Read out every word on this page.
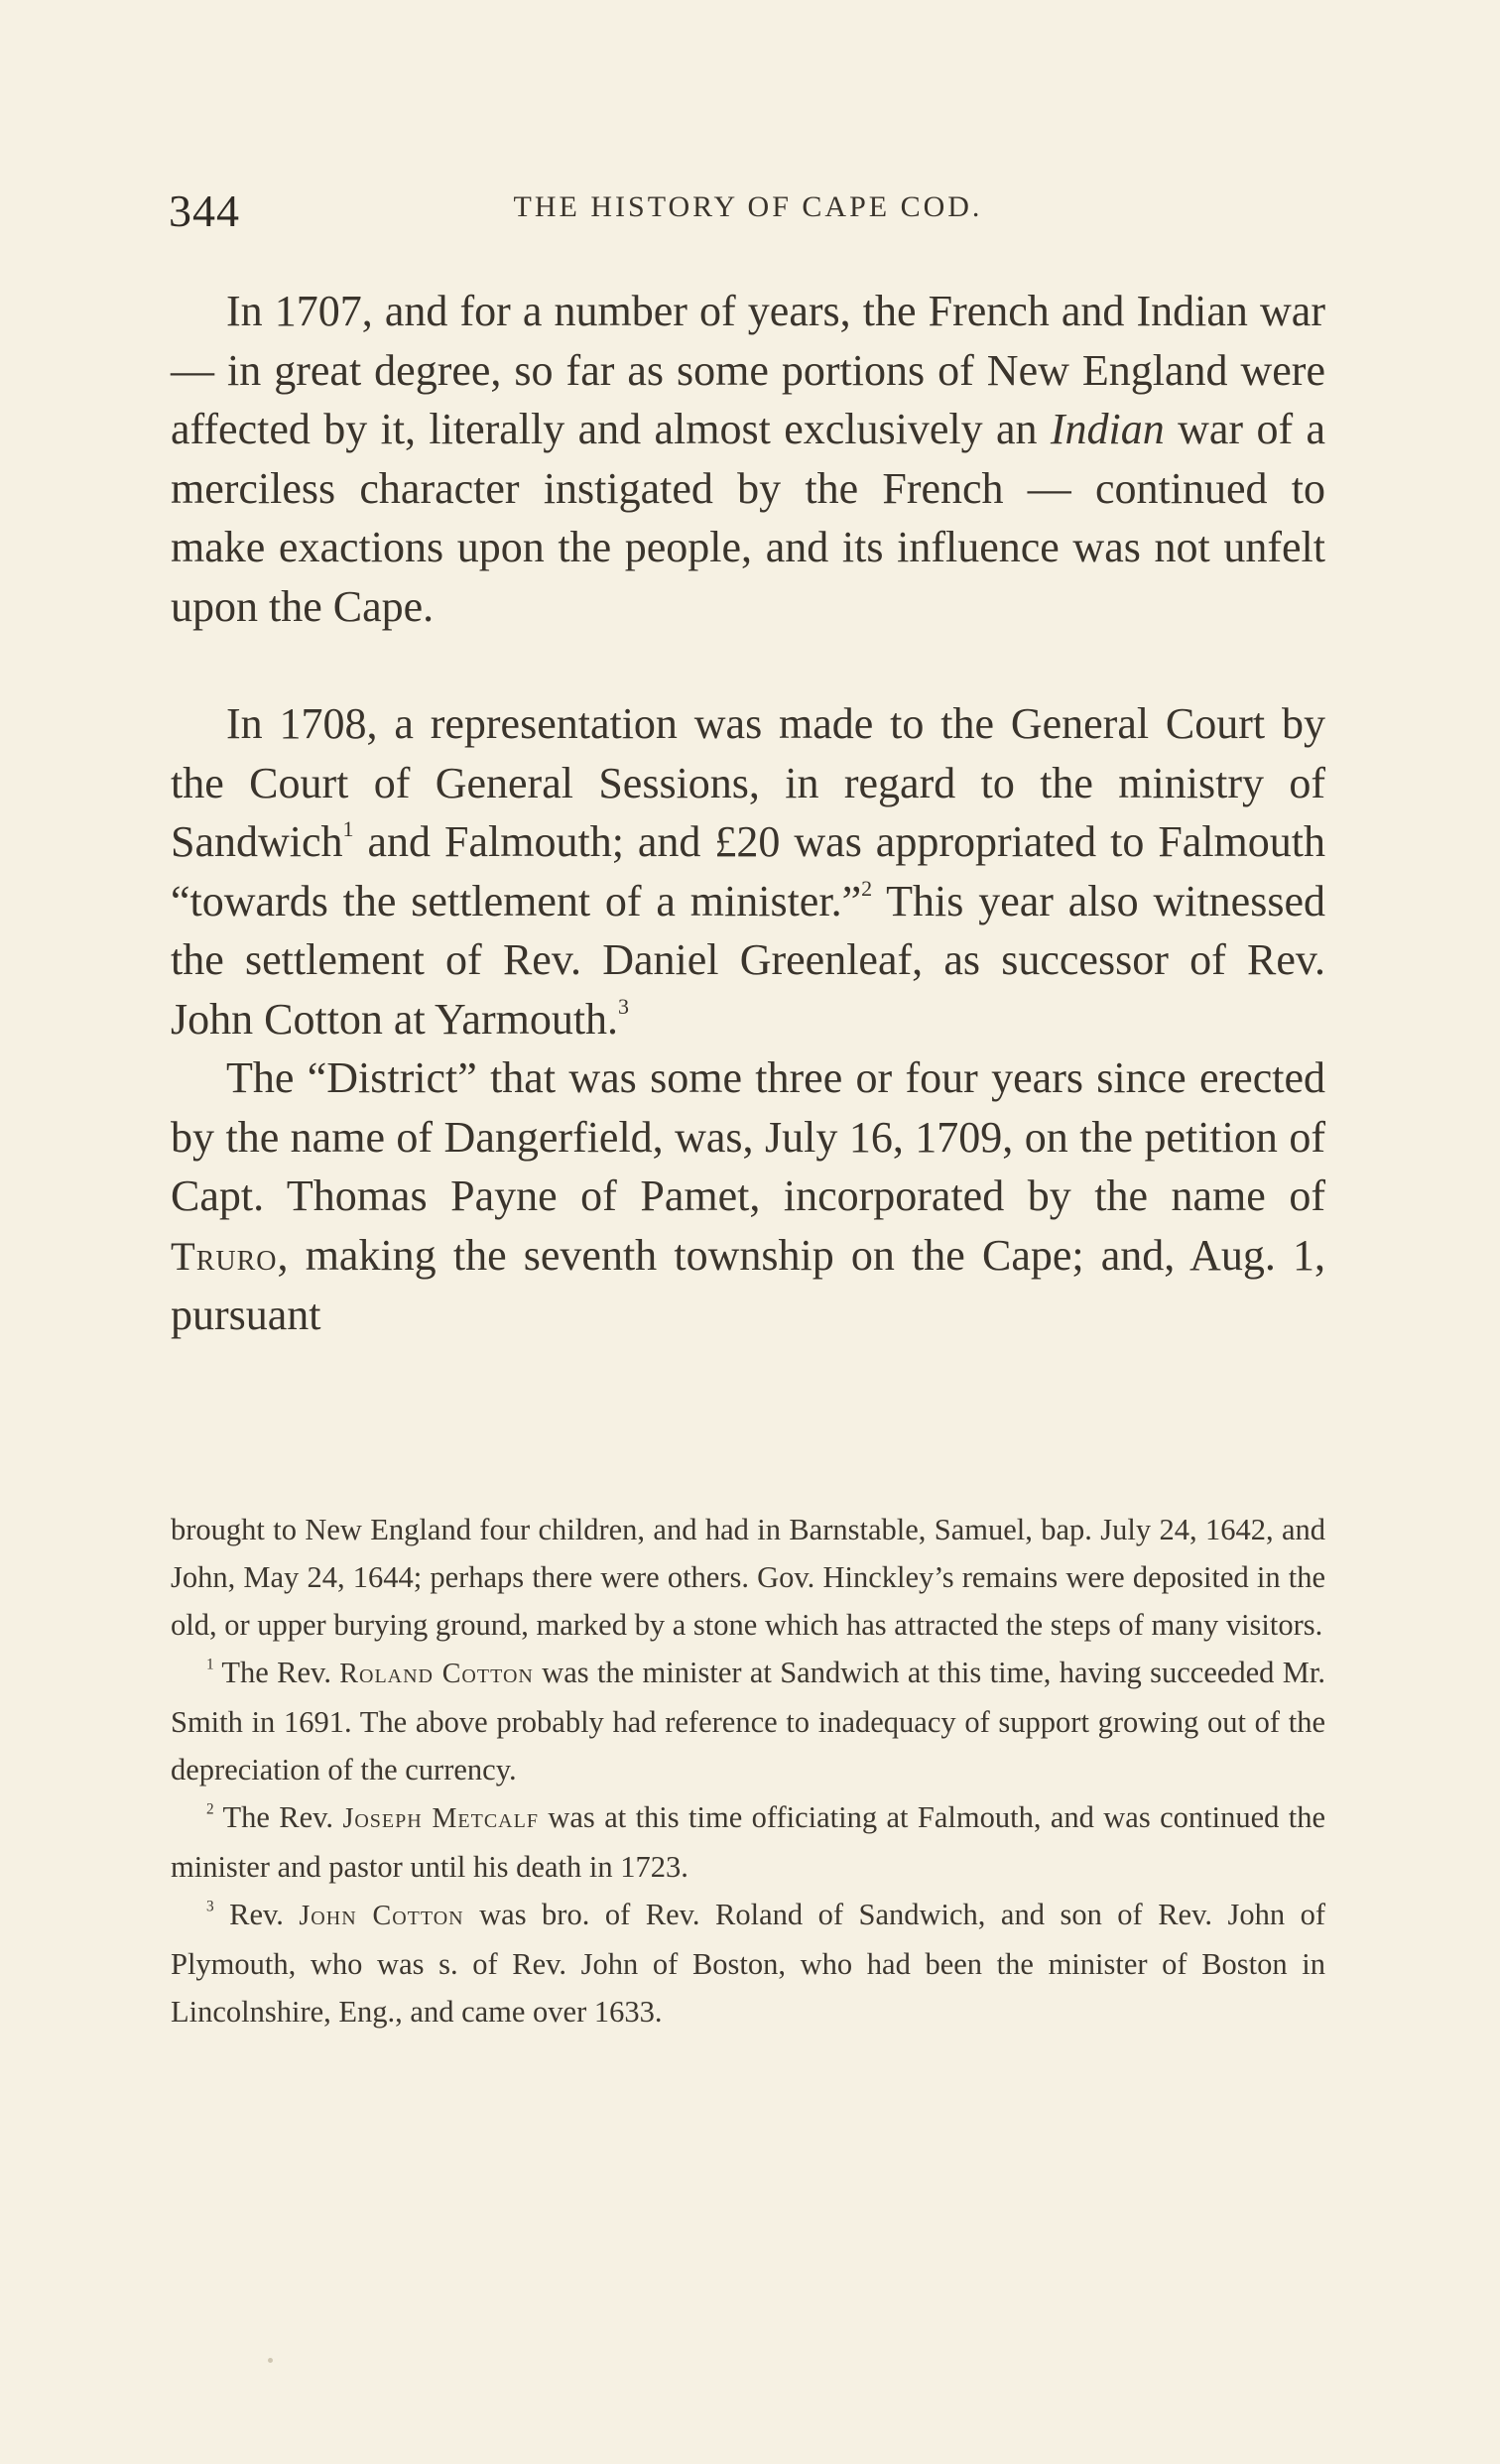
344	THE HISTORY OF CAPE COD.

In 1707, and for a number of years, the French and Indian war — in great degree, so far as some portions of New England were affected by it, literally and almost exclusively an Indian war of a merciless character instigated by the French — continued to make exactions upon the people, and its influence was not unfelt upon the Cape.

In 1708, a representation was made to the General Court by the Court of General Sessions, in regard to the ministry of Sandwich$^1$ and Falmouth; and £20 was appropriated to Falmouth “towards the settlement of a minister.”$^2$ This year also witnessed the settlement of Rev. Daniel Greenleaf, as successor of Rev. John Cotton at Yarmouth.$^3$

The “District” that was some three or four years since erected by the name of Dangerfield, was, July 16, 1709, on the petition of Capt. Thomas Payne of Pamet, incorporated by the name of Truro, making the seventh township on the Cape; and, Aug. 1, pursuant

brought to New England four children, and had in Barnstable, Samuel, bap. July 24, 1642, and John, May 24, 1644; perhaps there were others. Gov. Hinckley’s remains were deposited in the old, or upper burying ground, marked by a stone which has attracted the steps of many visitors.

$^1$ The Rev. Roland Cotton was the minister at Sandwich at this time, having succeeded Mr. Smith in 1691. The above probably had reference to inadequacy of support growing out of the depreciation of the currency.

$^2$ The Rev. Joseph Metcalf was at this time officiating at Falmouth, and was continued the minister and pastor until his death in 1723.

$^3$ Rev. John Cotton was bro. of Rev. Roland of Sandwich, and son of Rev. John of Plymouth, who was s. of Rev. John of Boston, who had been the minister of Boston in Lincolnshire, Eng., and came over 1633.
